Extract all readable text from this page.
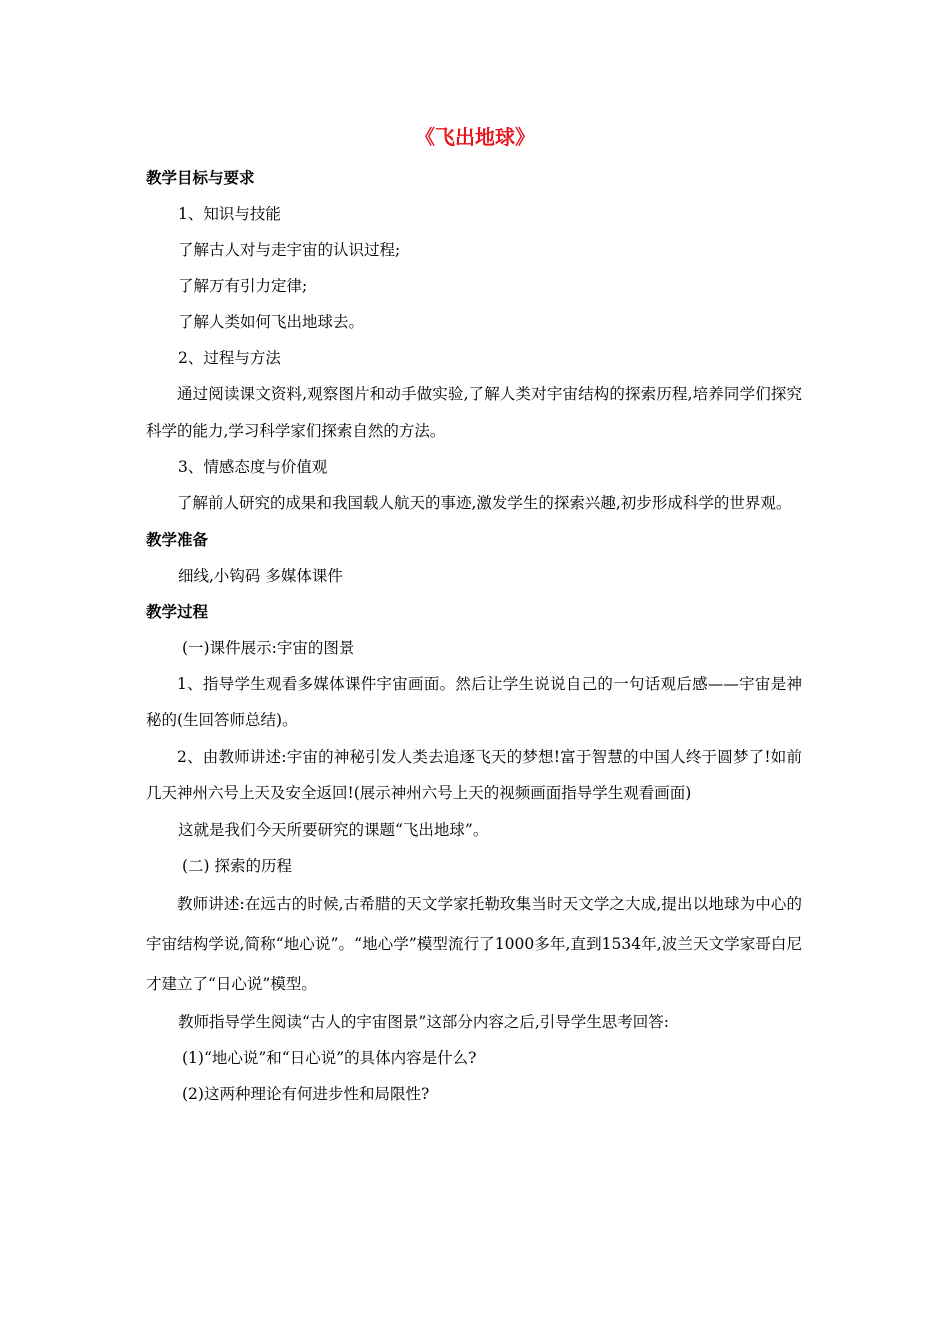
《飞出地球》
教学目标与要求
1、知识与技能
了解古人对与走宇宙的认识过程;
了解万有引力定律;
了解人类如何飞出地球去。
2、过程与方法
通过阅读课文资料,观察图片和动手做实验,了解人类对宇宙结构的探索历程,培养同学们探究科学的能力,学习科学家们探索自然的方法。
3、情感态度与价值观
了解前人研究的成果和我国载人航天的事迹,激发学生的探索兴趣,初步形成科学的世界观。
教学准备
细线,小钩码 多媒体课件
教学过程
(一)课件展示:宇宙的图景
1、指导学生观看多媒体课件宇宙画面。然后让学生说说自己的一句话观后感——宇宙是神秘的(生回答师总结)。
2、由教师讲述:宇宙的神秘引发人类去追逐飞天的梦想!富于智慧的中国人终于圆梦了!如前几天神州六号上天及安全返回!(展示神州六号上天的视频画面指导学生观看画面)
这就是我们今天所要研究的课题“飞出地球”。
(二) 探索的历程
教师讲述:在远古的时候,古希腊的天文学家托勒玫集当时天文学之大成,提出以地球为中心的宇宙结构学说,简称“地心说”。“地心学”模型流行了1000多年,直到1534年,波兰天文学家哥白尼才建立了“日心说”模型。
教师指导学生阅读“古人的宇宙图景”这部分内容之后,引导学生思考回答:
(1)“地心说”和“日心说”的具体内容是什么?
(2)这两种理论有何进步性和局限性?
